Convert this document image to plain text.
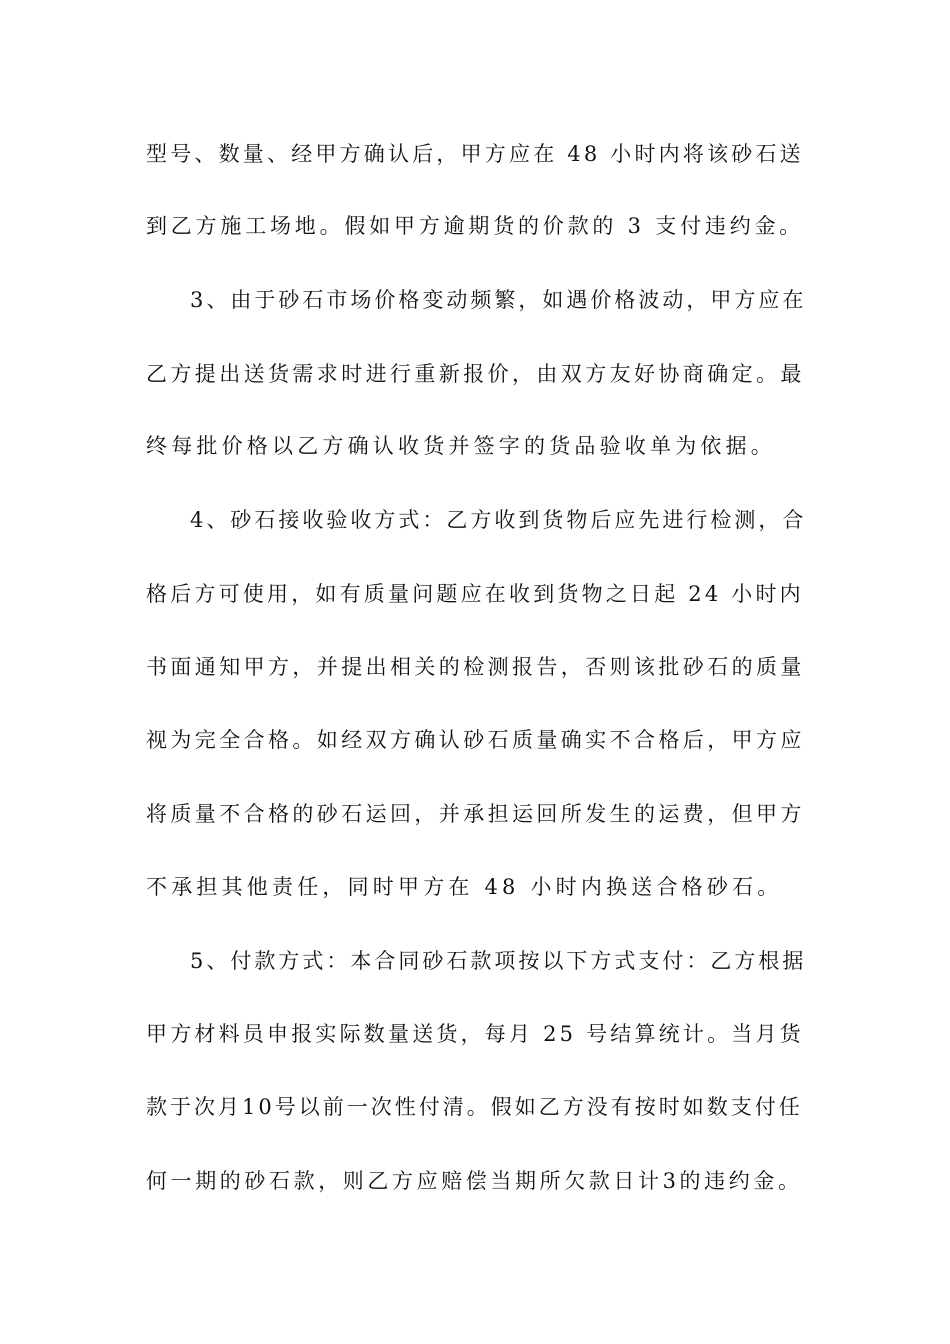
型号、数量、经甲方确认后，甲方应在 48 小时内将该砂石送
到乙方施工场地。假如甲方逾期货的价款的 3 支付违约金。
3、由于砂石市场价格变动频繁，如遇价格波动，甲方应在
乙方提出送货需求时进行重新报价，由双方友好协商确定。最
终每批价格以乙方确认收货并签字的货品验收单为依据。
4、砂石接收验收方式：乙方收到货物后应先进行检测，合
格后方可使用，如有质量问题应在收到货物之日起 24 小时内
书面通知甲方，并提出相关的检测报告，否则该批砂石的质量
视为完全合格。如经双方确认砂石质量确实不合格后，甲方应
将质量不合格的砂石运回，并承担运回所发生的运费，但甲方
不承担其他责任，同时甲方在 48 小时内换送合格砂石。
5、付款方式：本合同砂石款项按以下方式支付：乙方根据
甲方材料员申报实际数量送货，每月 25 号结算统计。当月货
款于次月10号以前一次性付清。假如乙方没有按时如数支付任
何一期的砂石款，则乙方应赔偿当期所欠款日计3的违约金。
